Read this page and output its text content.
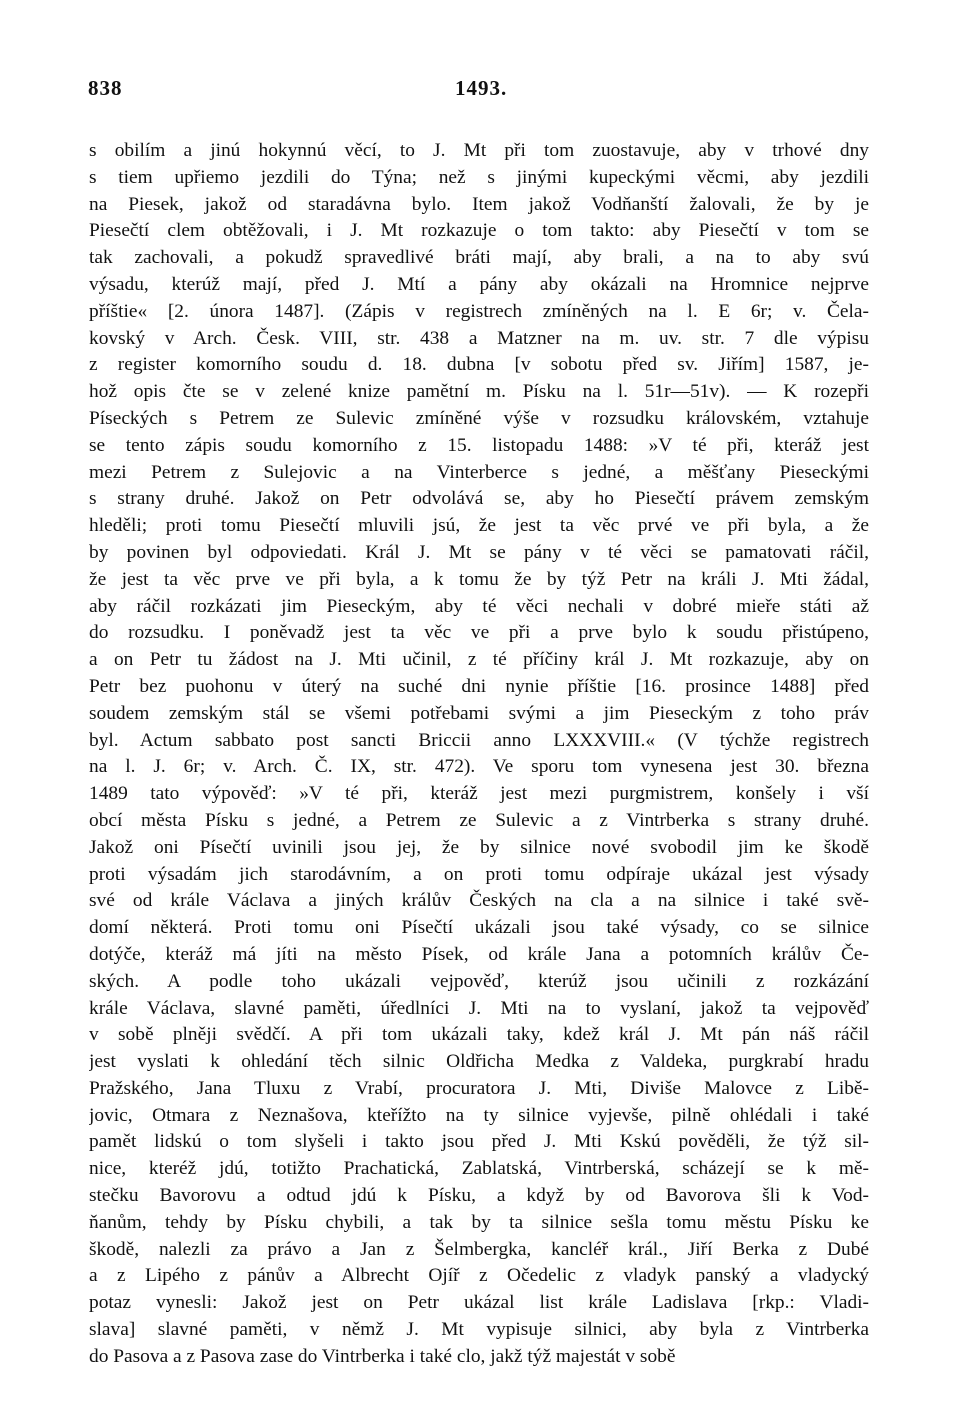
838	1493.
s obilím a jinú hokynnú věcí, to J. Mt při tom zuostavuje, aby v trhové dny
s tiem upřiemo jezdili do Týna; než s jinými kupeckými věcmi, aby jezdili
na Piesek, jakož od staradávna bylo. Item jakož Vodňanští žalovali, že by je
Piesečtí clem obtěžovali, i J. Mt rozkazuje o tom takto: aby Piesečtí v tom se
tak zachovali, a pokudž spravedlivé bráti mají, aby brali, a na to aby svú
výsadu, kterúž mají, před J. Mtí a pány aby okázali na Hromnice nejprve
příštie« [2. února 1487]. (Zápis v registrech zmíněných na l. E 6r; v. Čela-
kovský v Arch. Česk. VIII, str. 438 a Matzner na m. uv. str. 7 dle výpisu
z register komorního soudu d. 18. dubna [v sobotu před sv. Jiřím] 1587, je-
hož opis čte se v zelené knize pamětní m. Písku na l. 51r—51v). — K rozepři
Píseckých s Petrem ze Sulevic zmíněné výše v rozsudku královském, vztahuje
se tento zápis soudu komorního z 15. listopadu 1488: »V té při, kteráž jest
mezi Petrem z Sulejovic a na Vinterberce s jedné, a měšťany Pieseckými
s strany druhé. Jakož on Petr odvolává se, aby ho Piesečtí právem zemským
hleděli; proti tomu Piesečtí mluvili jsú, že jest ta věc prvé ve při byla, a že
by povinen byl odpoviedati. Král J. Mt se pány v té věci se pamatovati ráčil,
že jest ta věc prve ve při byla, a k tomu že by týž Petr na králi J. Mti žádal,
aby ráčil rozkázati jim Pieseckým, aby té věci nechali v dobré mieře státi až
do rozsudku. I poněvadž jest ta věc ve při a prve bylo k soudu přistúpeno,
a on Petr tu žádost na J. Mti učinil, z té příčiny král J. Mt rozkazuje, aby on
Petr bez puohonu v úterý na suché dni nynie příštie [16. prosince 1488] před
soudem zemským stál se všemi potřebami svými a jim Pieseckým z toho práv
byl. Actum sabbato post sancti Briccii anno LXXXVIII.« (V týchže registrech
na l. J. 6r; v. Arch. Č. IX, str. 472). Ve sporu tom vynesena jest 30. března
1489 tato výpověď: »V té při, kteráž jest mezi purgmistrem, konšely i vší
obcí města Písku s jedné, a Petrem ze Sulevic a z Vintrberka s strany druhé.
Jakož oni Písečtí uvinili jsou jej, že by silnice nové svobodil jim ke škodě
proti výsadám jich starodávním, a on proti tomu odpíraje ukázal jest výsady
své od krále Václava a jiných králův Českých na cla a na silnice i také svě-
domí některá. Proti tomu oni Písečtí ukázali jsou také výsady, co se silnice
dotýče, kteráž má jíti na město Písek, od krále Jana a potomních králův Če-
ských. A podle toho ukázali vejpověď, kterúž jsou učinili z rozkázání
krále Václava, slavné paměti, úředlníci J. Mti na to vyslaní, jakož ta vejpověď
v sobě plněji svědčí. A při tom ukázali taky, kdež král J. Mt pán náš ráčil
jest vyslati k ohledání těch silnic Oldřicha Medka z Valdeka, purgkrabí hradu
Pražského, Jana Tluxu z Vrabí, procuratora J. Mti, Diviše Malovce z Libě-
jovic, Otmara z Neznašova, kteřížto na ty silnice vyjevše, pilně ohlédali i také
pamět lidskú o tom slyšeli i takto jsou před J. Mti Kskú pověděli, že týž sil-
nice, kteréž jdú, totižto Prachatická, Zablatská, Vintrberská, scházejí se k mě-
stečku Bavorovu a odtud jdú k Písku, a když by od Bavorova šli k Vod-
ňanům, tehdy by Písku chybili, a tak by ta silnice sešla tomu městu Písku ke
škodě, nalezli za právo a Jan z Šelmbergka, kancléř král., Jiří Berka z Dubé
a z Lipého z pánův a Albrecht Ojíř z Očedelic z vladyk panský a vladycký
potaz vynesli: Jakož jest on Petr ukázal list krále Ladislava [rkp.: Vladi-
slava] slavné paměti, v němž J. Mt vypisuje silnici, aby byla z Vintrberka
do Pasova a z Pasova zase do Vintrberka i také clo, jakž týž majestát v sobě
